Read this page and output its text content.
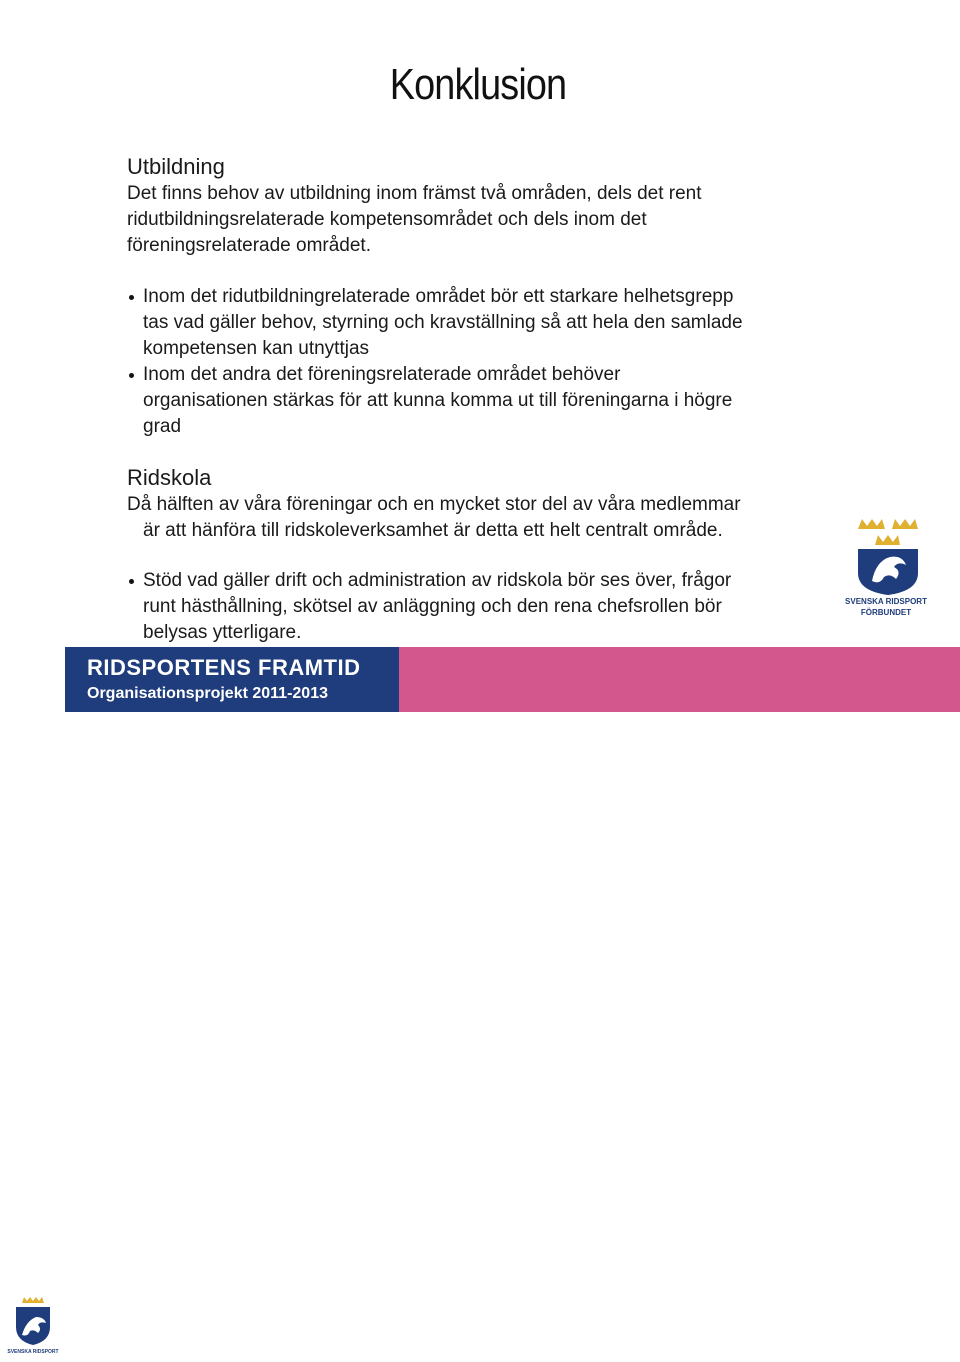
Konklusion
Utbildning
Det finns behov av utbildning inom främst två områden, dels det rent
ridutbildningsrelaterade kompetensområdet och dels inom det
föreningsrelaterade området.
Inom det ridutbildningrelaterade området bör ett starkare helhetsgrepp
tas vad gäller behov, styrning och kravställning så att hela den samlade
kompetensen kan utnyttjas
Inom det andra det föreningsrelaterade området behöver
organisationen stärkas för att kunna komma ut till föreningarna i högre
grad
Ridskola
Då hälften av våra föreningar och en mycket stor del av våra medlemmar
är att hänföra till ridskoleverksamhet är detta ett helt centralt område.
Stöd vad gäller drift och administration av ridskola bör ses över, frågor
runt hästhållning, skötsel av anläggning och den rena chefsrollen bör
belysas ytterligare.
SVENSKA RIDSPORT
FÖRBUNDET
SVENSKA RIDSPORT
RIDSPORTENS FRAMTID
Organisationsprojekt 2011-2013
